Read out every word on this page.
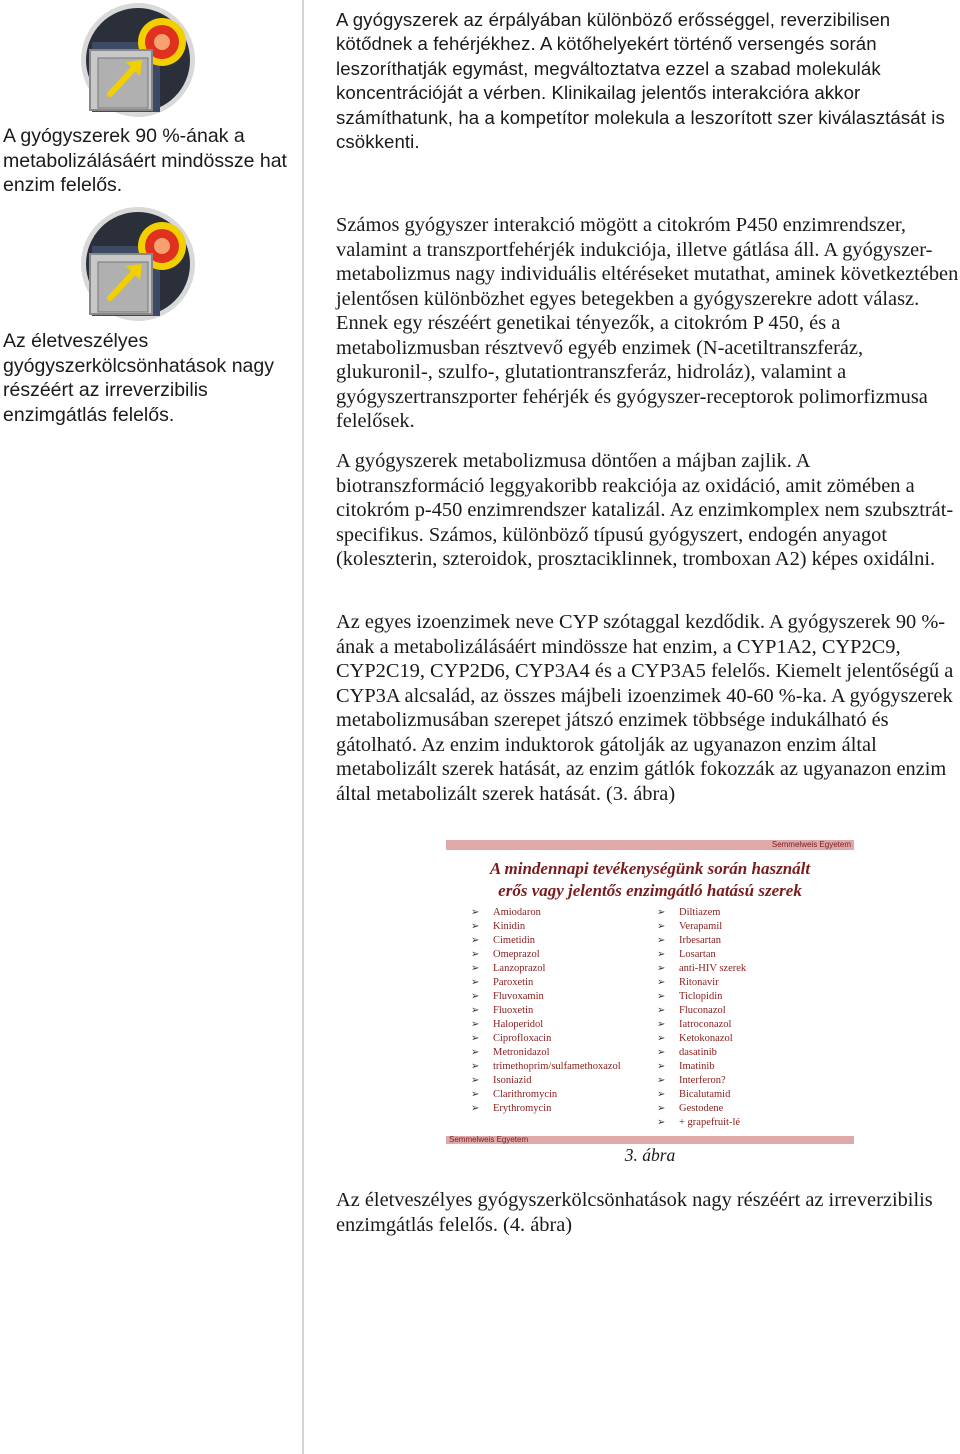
A gyógyszerek 90 %-ának a metabolizálásáért mindössze hat enzim felelős.
Az életveszélyes gyógyszerkölcsönhatások nagy részéért az irreverzibilis enzimgátlás felelős.

A gyógyszerek az érpályában különböző erősséggel, reverzibilisen kötődnek a fehérjékhez. A kötőhelyekért történő versengés során leszoríthatják egymást, megváltoztatva ezzel a szabad molekulák koncentrációját a vérben. Klinikailag jelentős interakcióra akkor számíthatunk, ha a kompetítor molekula a leszorított szer kiválasztását is csökkenti.

Számos gyógyszer interakció mögött a citokróm P450 enzimrendszer, valamint a transzportfehérjék indukciója, illetve gátlása áll. A gyógyszer-metabolizmus nagy individuális eltéréseket mutathat, aminek következtében jelentősen különbözhet egyes betegekben a gyógyszerekre adott válasz. Ennek egy részéért genetikai tényezők, a citokróm P 450, és a metabolizmusban résztvevő egyéb enzimek (N-acetiltranszferáz, glukuronil-, szulfo-, glutationtranszferáz, hidroláz), valamint a gyógyszertranszporter fehérjék és gyógyszer-receptorok polimorfizmusa felelősek.

A gyógyszerek metabolizmusa döntően a májban zajlik. A biotranszformáció leggyakoribb reakciója az oxidáció, amit zömében a citokróm p-450 enzimrendszer katalizál. Az enzimkomplex nem szubsztrát- specifikus. Számos, különböző típusú gyógyszert, endogén anyagot (koleszterin, szteroidok, prosztaciklinnek, tromboxan A2) képes oxidálni.

Az egyes izoenzimek neve CYP szótaggal kezdődik. A gyógyszerek 90 %-ának a metabolizálásáért mindössze hat enzim, a CYP1A2, CYP2C9, CYP2C19, CYP2D6, CYP3A4 és a CYP3A5 felelős. Kiemelt jelentőségű a CYP3A alcsalád, az összes májbeli izoenzimek 40-60 %-ka. A gyógyszerek metabolizmusában szerepet játszó enzimek többsége indukálható és gátolható. Az enzim induktorok gátolják az ugyanazon enzim által metabolizált szerek hatását, az enzim gátlók fokozzák az ugyanazon enzim által metabolizált szerek hatását. (3. ábra)

Az életveszélyes gyógyszerkölcsönhatások nagy részéért az irreverzibilis enzimgátlás felelős. (4. ábra)

Semmelweis Egyetem
A mindennapi tevékenységünk során használt
erős vagy jelentős enzimgátló hatású szerek
➢ Amiodaron
➢ Kinidin
➢ Cimetidin
➢ Omeprazol
➢ Lanzoprazol
➢ Paroxetin
➢ Fluvoxamin
➢ Fluoxetin
➢ Haloperidol
➢ Ciprofloxacin
➢ Metronidazol
➢ trimethoprim/sulfamethoxazol
➢ Isoniazid
➢ Clarithromycin
➢ Erythromycin
➢ Diltiazem
➢ Verapamil
➢ Irbesartan
➢ Losartan
➢ anti-HIV szerek
➢ Ritonavir
➢ Ticlopidin
➢ Fluconazol
➢ Iatroconazol
➢ Ketokonazol
➢ dasatinib
➢ Imatinib
➢ Interferon?
➢ Bicalutamid
➢ Gestodene
➢ + grapefruit-lé
Semmelweis Egyetem
3. ábra
